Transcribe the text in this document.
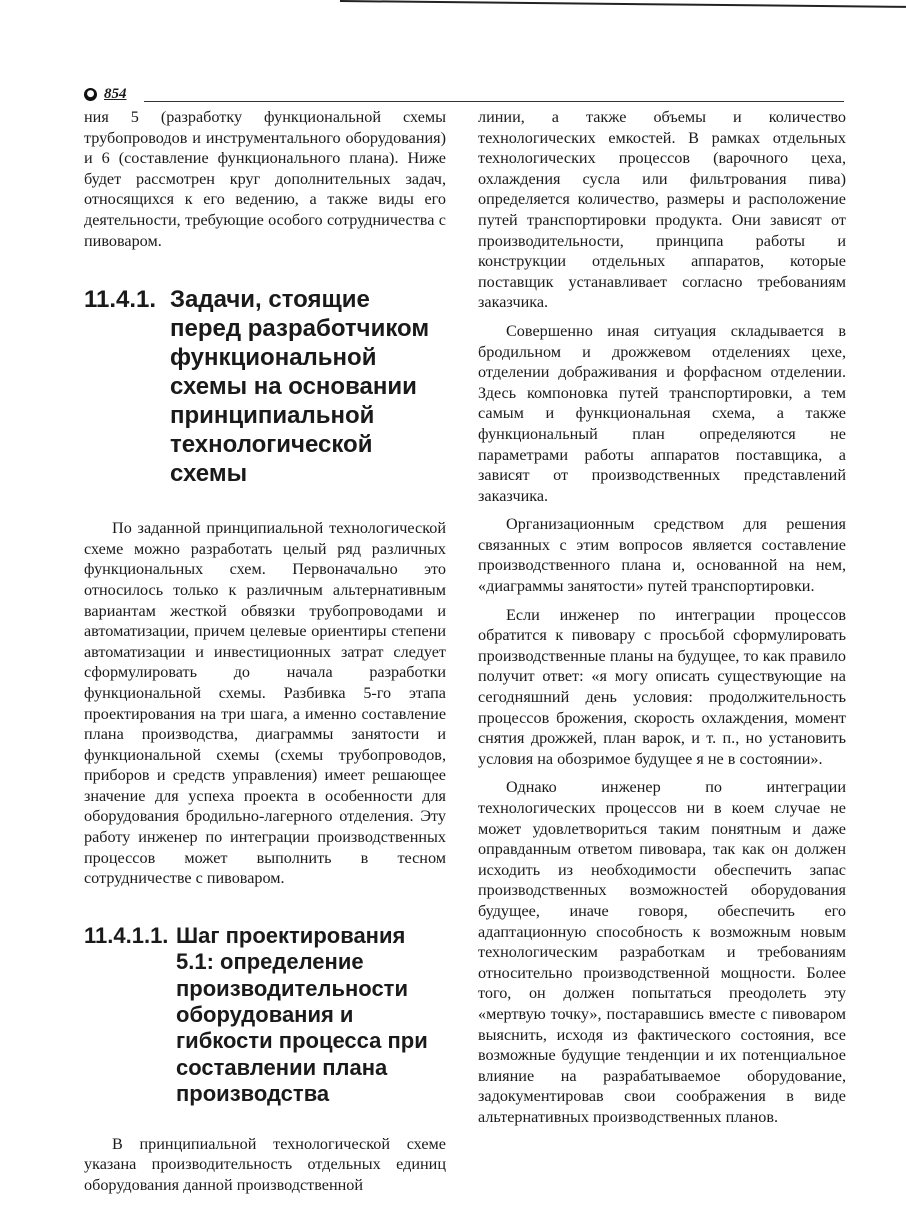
● 854

ния 5 (разработку функциональной схемы трубопроводов и инструментального оборудования) и 6 (составление функционального плана). Ниже будет рассмотрен круг дополнительных задач, относящихся к его ведению, а также виды его деятельности, требующие особого сотрудничества с пивоваром.

11.4.1. Задачи, стоящие перед разработчиком функциональной схемы на основании принципиальной технологической схемы

По заданной принципиальной технологической схеме можно разработать целый ряд различных функциональных схем. Первоначально это относилось только к различным альтернативным вариантам жесткой обвязки трубопроводами и автоматизации, причем целевые ориентиры степени автоматизации и инвестиционных затрат следует сформулировать до начала разработки функциональной схемы. Разбивка 5-го этапа проектирования на три шага, а именно составление плана производства, диаграммы занятости и функциональной схемы (схемы трубопроводов, приборов и средств управления) имеет решающее значение для успеха проекта в особенности для оборудования бродильно-лагерного отделения. Эту работу инженер по интеграции производственных процессов может выполнить в тесном сотрудничестве с пивоваром.

11.4.1.1. Шаг проектирования 5.1: определение производительности оборудования и гибкости процесса при составлении плана производства

В принципиальной технологической схеме указана производительность отдельных единиц оборудования данной производственной

линии, а также объемы и количество технологических емкостей. В рамках отдельных технологических процессов (варочного цеха, охлаждения сусла или фильтрования пива) определяется количество, размеры и расположение путей транспортировки продукта. Они зависят от производительности, принципа работы и конструкции отдельных аппаратов, которые поставщик устанавливает согласно требованиям заказчика.

Совершенно иная ситуация складывается в бродильном и дрожжевом отделениях цехе, отделении дображивания и форфасном отделении. Здесь компоновка путей транспортировки, а тем самым и функциональная схема, а также функциональный план определяются не параметрами работы аппаратов поставщика, а зависят от производственных представлений заказчика.

Организационным средством для решения связанных с этим вопросов является составление производственного плана и, основанной на нем, «диаграммы занятости» путей транспортировки.

Если инженер по интеграции процессов обратится к пивовару с просьбой сформулировать производственные планы на будущее, то как правило получит ответ: «я могу описать существующие на сегодняшний день условия: продолжительность процессов брожения, скорость охлаждения, момент снятия дрожжей, план варок, и т. п., но установить условия на обозримое будущее я не в состоянии».

Однако инженер по интеграции технологических процессов ни в коем случае не может удовлетвориться таким понятным и даже оправданным ответом пивовара, так как он должен исходить из необходимости обеспечить запас производственных возможностей оборудования будущее, иначе говоря, обеспечить его адаптационную способность к возможным новым технологическим разработкам и требованиям относительно производственной мощности. Более того, он должен попытаться преодолеть эту «мертвую точку», постаравшись вместе с пивоваром выяснить, исходя из фактического состояния, все возможные будущие тенденции и их потенциальное влияние на разрабатываемое оборудование, задокументировав свои соображения в виде альтернативных производственных планов.
